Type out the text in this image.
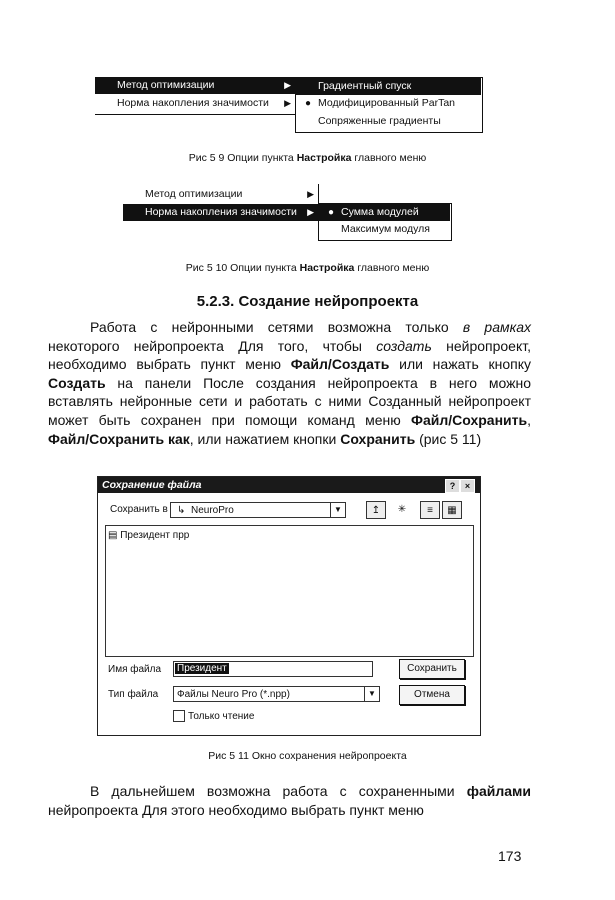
Метод оптимизации	▶
Норма накопления значимости ▶
Градиентный спуск
● Модифицированный ParTan
Сопряженные градиенты
Рис 5 9 Опции пункта Настройка главного меню
Метод оптимизации	▶
Норма накопления значимости ▶ ● Сумма модулей
Максимум модуля
Рис 5 10 Опции пункта Настройка главного меню
5.2.3. Создание нейропроекта
Работа с нейронными сетями возможна только в рамках некоторого нейропроекта Для того, чтобы создать нейропроект, необходимо выбрать пункт меню Файл/Создать или нажать кнопку Создать на панели После создания нейропроекта в него можно вставлять нейронные сети и работать с ними Созданный нейропроект может быть сохранен при помощи команд меню Файл/Сохранить, Файл/Сохранить как, или нажатием кнопки Сохранить (рис 5 11)
Сохранение файла	?	×
Сохранить в ↳ NeuroPro	▼	↥	✳	≡	▦
▤ Президент прр
Имя файла	Президент	Сохранить
Тип файла Файлы Neuro Pro (*.npp)	▼	Отмена
Только чтение
Рис 5 11 Окно сохранения нейропроекта
В дальнейшем возможна работа с сохраненными файлами нейропроекта Для этого необходимо выбрать пункт меню
173
